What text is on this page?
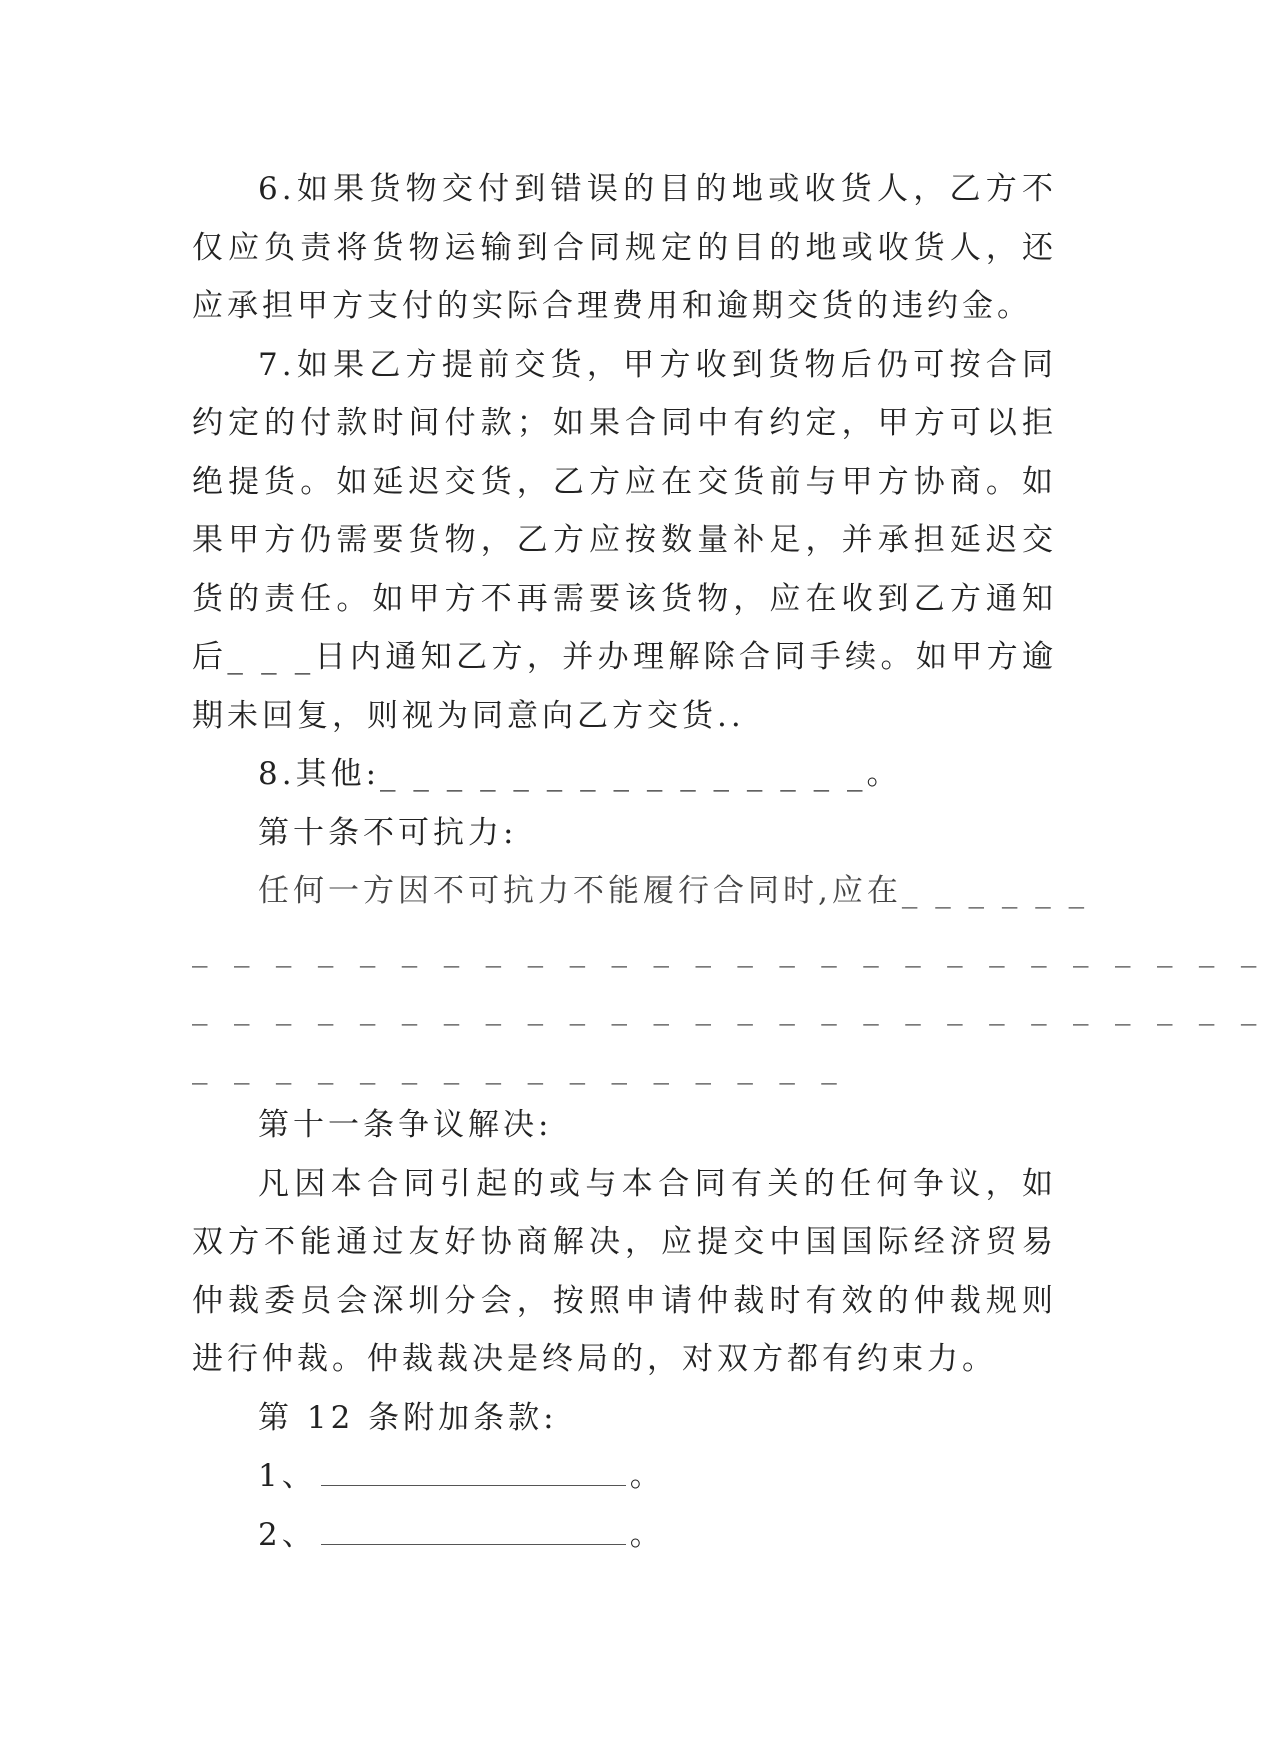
6.如果货物交付到错误的目的地或收货人，乙方不仅应负责将货物运输到合同规定的目的地或收货人，还应承担甲方支付的实际合理费用和逾期交货的违约金。

7.如果乙方提前交货，甲方收到货物后仍可按合同约定的付款时间付款；如果合同中有约定，甲方可以拒绝提货。如延迟交货，乙方应在交货前与甲方协商。如果甲方仍需要货物，乙方应按数量补足，并承担延迟交货的责任。如甲方不再需要该货物，应在收到乙方通知后_ _ _日内通知乙方，并办理解除合同手续。如甲方逾期未回复，则视为同意向乙方交货..

8.其他:_ _ _ _ _ _ _ _ _ _ _ _ _ _ _。

第十条不可抗力:

任何一方因不可抗力不能履行合同时,应在_ _ _ _ _ _

_ _ _ _ _ _ _ _ _ _ _ _ _ _ _ _ _ _ _ _ _ _ _ _ _ _

_ _ _ _ _ _ _ _ _ _ _ _ _ _ _ _ _ _ _ _ _ _ _ _ _ _

_ _ _ _ _ _ _ _ _ _ _ _ _ _ _ _

第十一条争议解决:

凡因本合同引起的或与本合同有关的任何争议，如双方不能通过友好协商解决，应提交中国国际经济贸易仲裁委员会深圳分会，按照申请仲裁时有效的仲裁规则进行仲裁。仲裁裁决是终局的，对双方都有约束力。

第 12 条附加条款:

1、	。

2、	。
